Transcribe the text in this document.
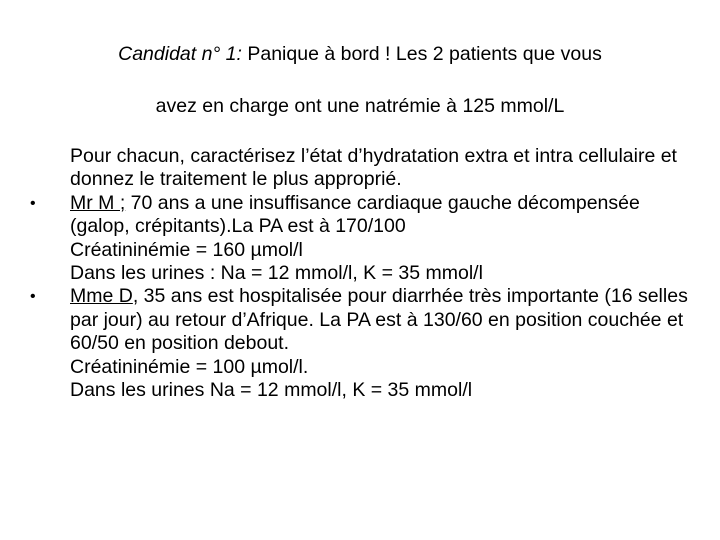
Candidat n° 1: Panique à bord ! Les 2 patients que vous
avez en charge ont une natrémie à 125 mmol/L

Pour chacun, caractérisez l’état d’hydratation extra et intra cellulaire et donnez le traitement le plus approprié.

• Mr M ; 70 ans a une insuffisance cardiaque gauche décompensée (galop, crépitants).La PA est à 170/100

Créatininémie = 160 µmol/l

Dans les urines : Na = 12 mmol/l, K = 35 mmol/l

• Mme D, 35 ans est hospitalisée pour diarrhée très importante (16 selles par jour) au retour d’Afrique. La PA est à 130/60 en position couchée et 60/50 en position debout.

Créatininémie = 100 µmol/l.

Dans les urines Na = 12 mmol/l, K = 35 mmol/l
